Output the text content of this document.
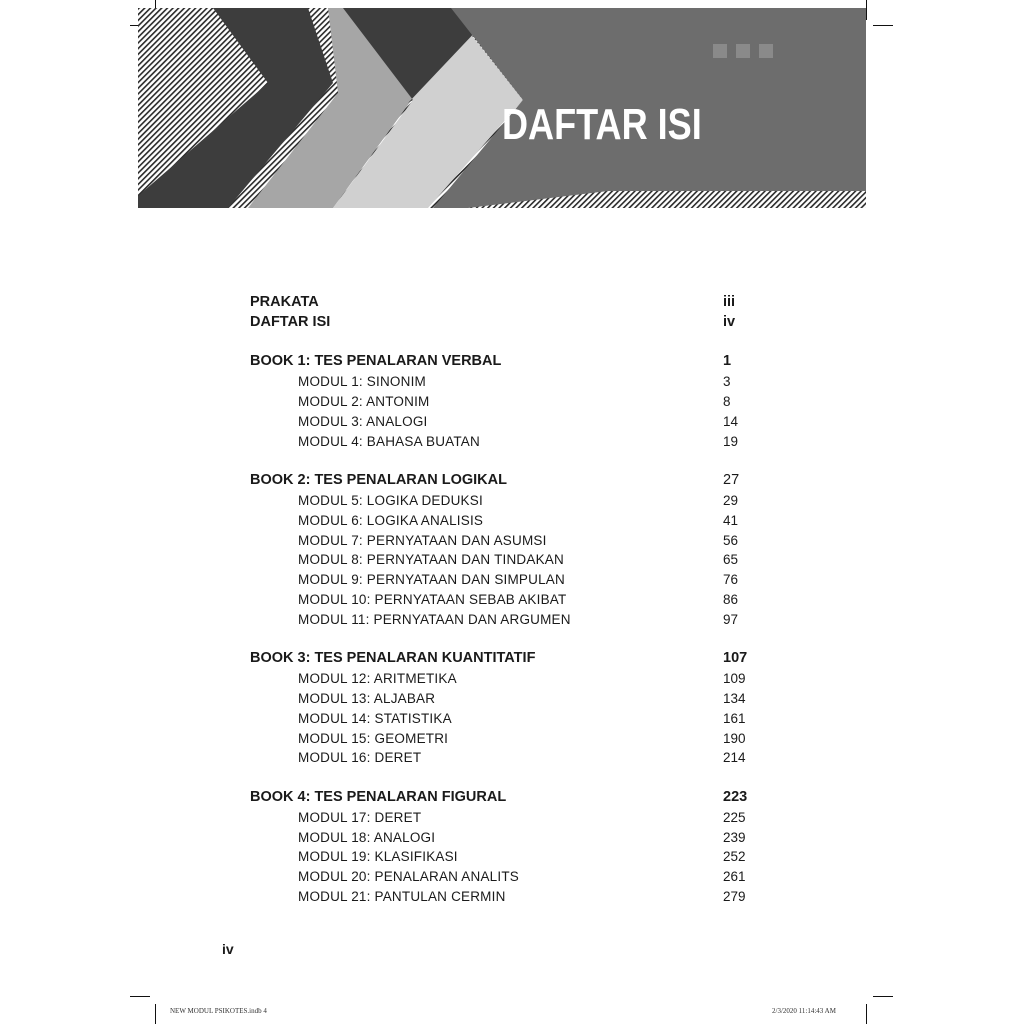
DAFTAR ISI
PRAKATA	iii
DAFTAR ISI	iv
BOOK 1: TES PENALARAN VERBAL	1
MODUL 1: SINONIM	3
MODUL 2: ANTONIM	8
MODUL 3: ANALOGI	14
MODUL 4: BAHASA BUATAN	19
BOOK 2: TES PENALARAN LOGIKAL	27
MODUL 5: LOGIKA DEDUKSI	29
MODUL 6: LOGIKA ANALISIS	41
MODUL 7: PERNYATAAN DAN ASUMSI	56
MODUL 8: PERNYATAAN DAN TINDAKAN	65
MODUL 9: PERNYATAAN DAN SIMPULAN	76
MODUL 10: PERNYATAAN SEBAB AKIBAT	86
MODUL 11: PERNYATAAN DAN ARGUMEN	97
BOOK 3: TES PENALARAN KUANTITATIF	107
MODUL 12: ARITMETIKA	109
MODUL 13: ALJABAR	134
MODUL 14: STATISTIKA	161
MODUL 15: GEOMETRI	190
MODUL 16: DERET	214
BOOK 4: TES PENALARAN FIGURAL	223
MODUL 17: DERET	225
MODUL 18: ANALOGI	239
MODUL 19: KLASIFIKASI	252
MODUL 20: PENALARAN ANALITS	261
MODUL 21: PANTULAN CERMIN	279
iv
NEW MODUL PSIKOTES.indb 4	2/3/2020 11:14:43 AM
